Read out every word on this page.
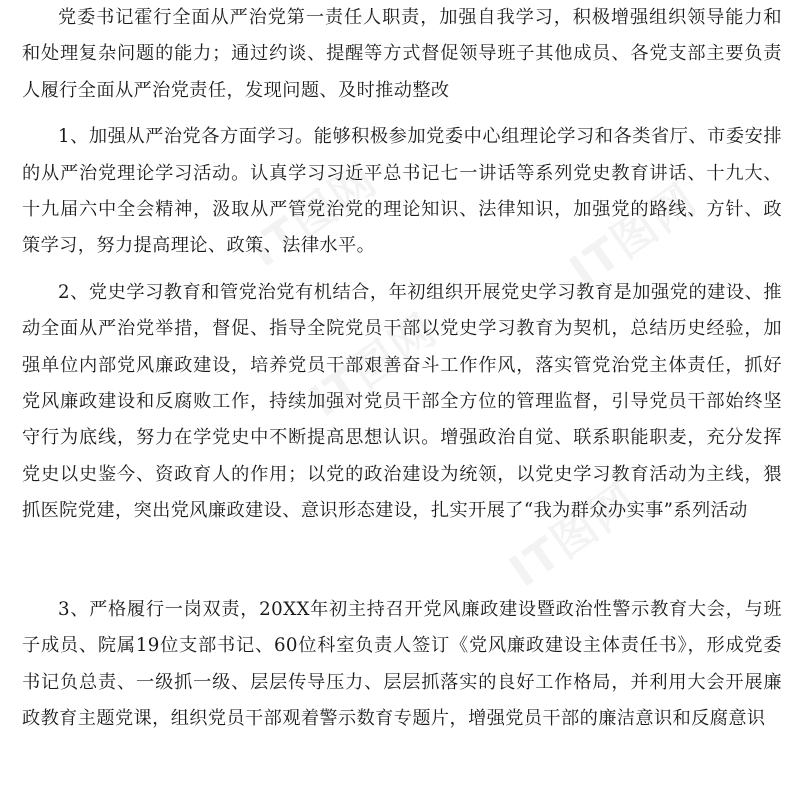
党委书记霍行全面从严治党第一责任人职责，加强自我学习，积极增强组织领导能力和和处理复杂问题的能力；通过约谈、提醒等方式督促领导班子其他成员、各党支部主要负责人履行全面从严治党责任，发现问题、及时推动整改

1、加强从严治党各方面学习。能够积极参加党委中心组理论学习和各类省厅、市委安排的从严治党理论学习活动。认真学习习近平总书记七一讲话等系列党史教育讲话、十九大、十九届六中全会精神，汲取从严管党治党的理论知识、法律知识，加强党的路线、方针、政策学习，努力提高理论、政策、法律水平。

2、党史学习教育和管党治党有机结合，年初组织开展党史学习教育是加强党的建设、推动全面从严治党举措，督促、指导全院党员干部以党史学习教育为契机，总结历史经验，加强单位内部党风廉政建设，培养党员干部艰善奋斗工作作风，落实管党治党主体责任，抓好党风廉政建设和反腐败工作，持续加强对党员干部全方位的管理监督，引导党员干部始终坚守行为底线，努力在学党史中不断提高思想认识。增强政治自觉、联系职能职麦，充分发挥党史以史鉴今、资政育人的作用；以党的政治建设为统领，以党史学习教育活动为主线，猥抓医院党建，突出党风廉政建设、意识形态建设，扎实开展了“我为群众办实事”系列活动

3、严格履行一岗双责，20XX年初主持召开党风廉政建设暨政治性警示教育大会，与班子成员、院属19位支部书记、60位科室负责人签订《党风廉政建设主体责任书》，形成党委书记负总责、一级抓一级、层层传导压力、层层抓落实的良好工作格局，并利用大会开展廉政教育主题党课，组织党员干部观着警示数育专题片，增强党员干部的廉洁意识和反腐意识
